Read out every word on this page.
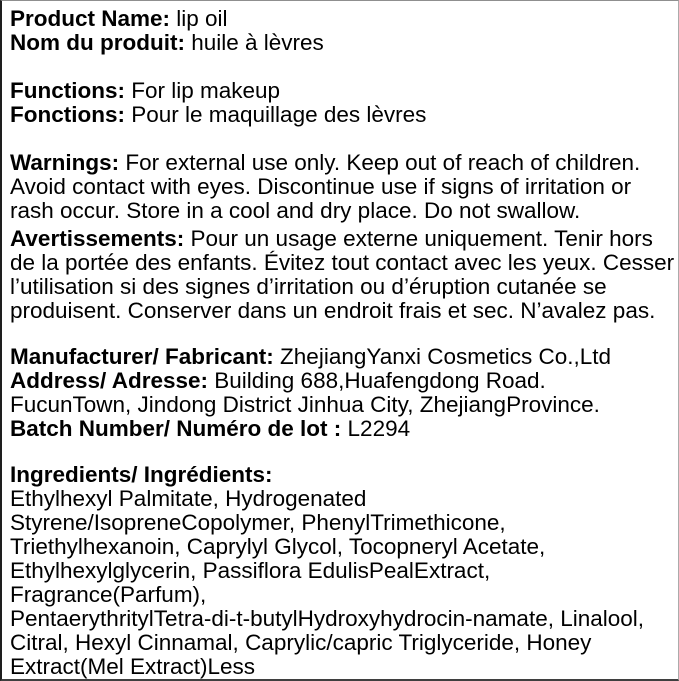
Product Name: lip oil
Nom du produit: huile à lèvres
Functions: For lip makeup
Fonctions: Pour le maquillage des lèvres
Warnings: For external use only. Keep out of reach of children.
Avoid contact with eyes. Discontinue use if signs of irritation or
rash occur. Store in a cool and dry place. Do not swallow.
Avertissements: Pour un usage externe uniquement. Tenir hors
de la portée des enfants. Évitez tout contact avec les yeux. Cesser
l’utilisation si des signes d’irritation ou d’éruption cutanée se
produisent. Conserver dans un endroit frais et sec. N’avalez pas.
Manufacturer/ Fabricant: ZhejiangYanxi Cosmetics Co.,Ltd
Address/ Adresse: Building 688,Huafengdong Road.
FucunTown, Jindong District Jinhua City, ZhejiangProvince.
Batch Number/ Numéro de lot : L2294
Ingredients/ Ingrédients:
Ethylhexyl Palmitate, Hydrogenated
Styrene/IsopreneCopolymer, PhenylTrimethicone,
Triethylhexanoin, Caprylyl Glycol, Tocopneryl Acetate,
Ethylhexylglycerin, Passiflora EdulisPealExtract,
Fragrance(Parfum),
PentaerythritylTetra-di-t-butylHydroxyhydrocin-namate, Linalool,
Citral, Hexyl Cinnamal, Caprylic/capric Triglyceride, Honey
Extract(Mel Extract)Less
